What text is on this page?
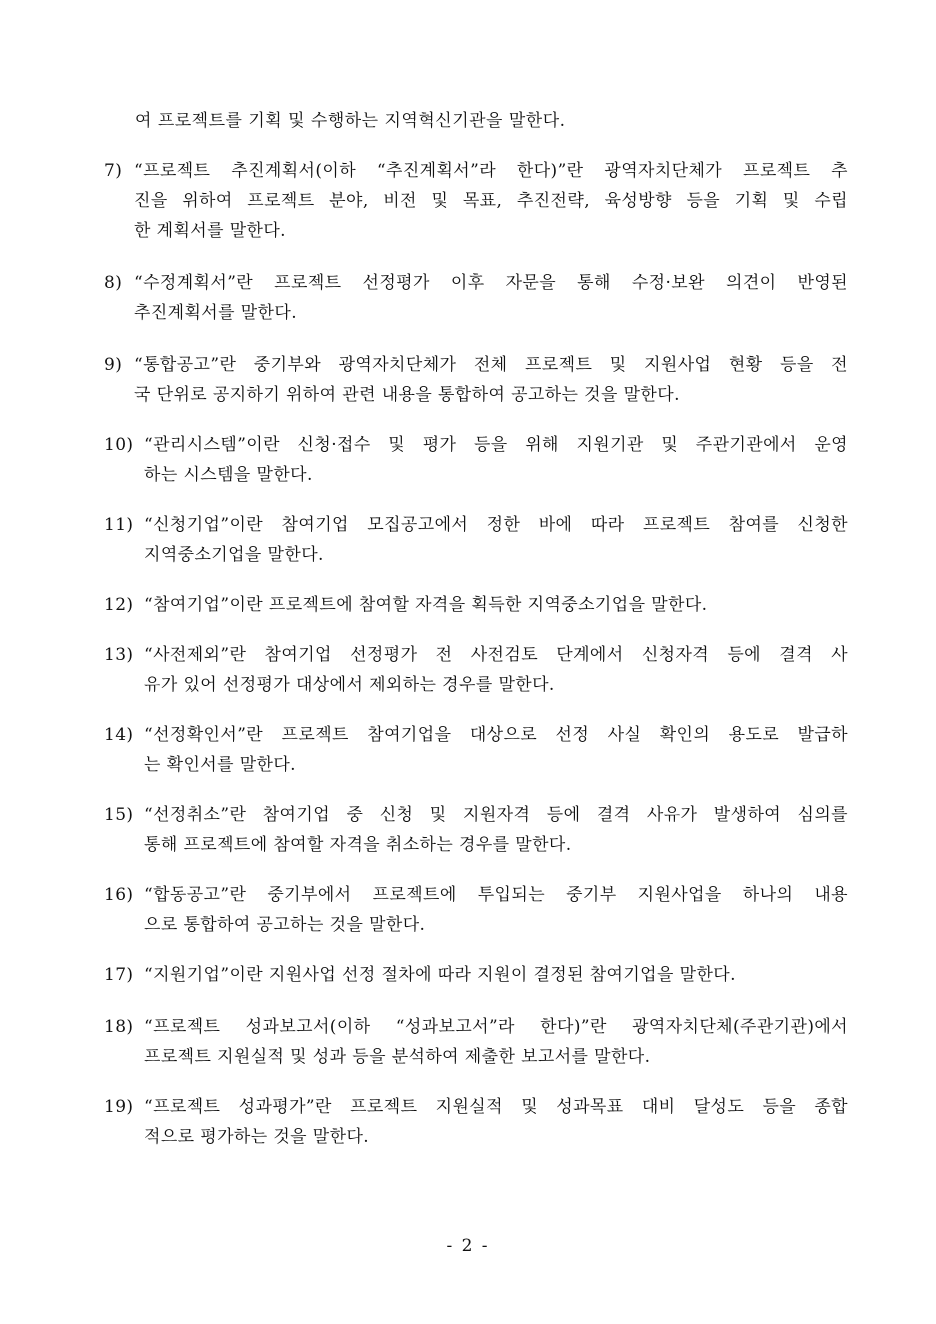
여 프로젝트를 기획 및 수행하는 지역혁신기관을 말한다.
7) “프로젝트 추진계획서(이하 “추진계획서”라 한다)”란 광역자치단체가 프로젝트 추
진을 위하여 프로젝트 분야, 비전 및 목표, 추진전략, 육성방향 등을 기획 및 수립
한 계획서를 말한다.
8) “수정계획서”란 프로젝트 선정평가 이후 자문을 통해 수정·보완 의견이 반영된
추진계획서를 말한다.
9) “통합공고”란 중기부와 광역자치단체가 전체 프로젝트 및 지원사업 현황 등을 전
국 단위로 공지하기 위하여 관련 내용을 통합하여 공고하는 것을 말한다.
10) “관리시스템”이란 신청·접수 및 평가 등을 위해 지원기관 및 주관기관에서 운영
하는 시스템을 말한다.
11) “신청기업”이란 참여기업 모집공고에서 정한 바에 따라 프로젝트 참여를 신청한
지역중소기업을 말한다.
12) “참여기업”이란 프로젝트에 참여할 자격을 획득한 지역중소기업을 말한다.
13) “사전제외”란 참여기업 선정평가 전 사전검토 단계에서 신청자격 등에 결격 사
유가 있어 선정평가 대상에서 제외하는 경우를 말한다.
14) “선정확인서”란 프로젝트 참여기업을 대상으로 선정 사실 확인의 용도로 발급하
는 확인서를 말한다.
15) “선정취소”란 참여기업 중 신청 및 지원자격 등에 결격 사유가 발생하여 심의를
통해 프로젝트에 참여할 자격을 취소하는 경우를 말한다.
16) “합동공고”란 중기부에서 프로젝트에 투입되는 중기부 지원사업을 하나의 내용
으로 통합하여 공고하는 것을 말한다.
17) “지원기업”이란 지원사업 선정 절차에 따라 지원이 결정된 참여기업을 말한다.
18) “프로젝트 성과보고서(이하 “성과보고서”라 한다)”란 광역자치단체(주관기관)에서
프로젝트 지원실적 및 성과 등을 분석하여 제출한 보고서를 말한다.
19) “프로젝트 성과평가”란 프로젝트 지원실적 및 성과목표 대비 달성도 등을 종합
적으로 평가하는 것을 말한다.
- 2 -
